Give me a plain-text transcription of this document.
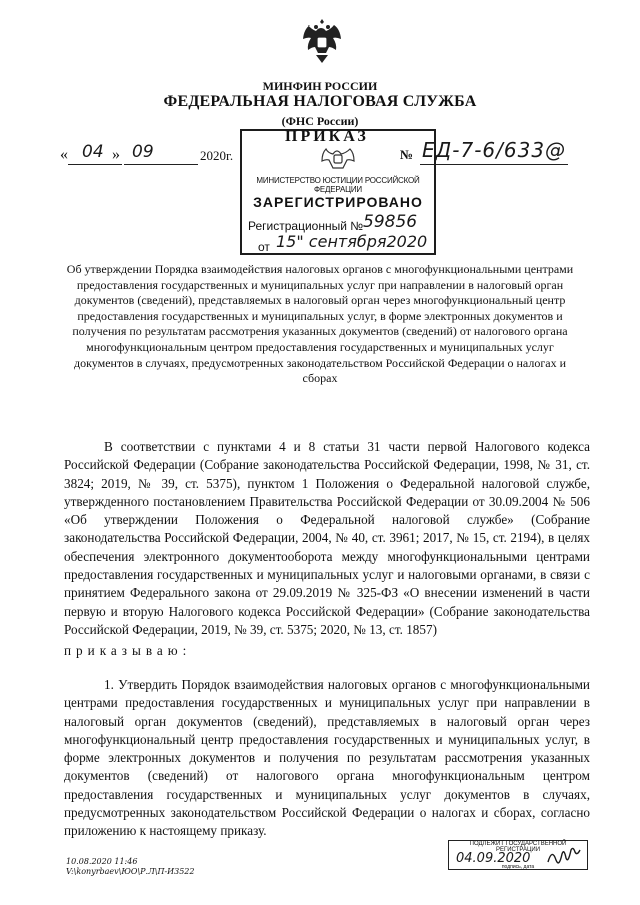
МИНФИН РОССИИ
ФЕДЕРАЛЬНАЯ НАЛОГОВАЯ СЛУЖБА
(ФНС России)
« 04 » 09	2020г.	№ ЕД-7-6/633@
ПРИКАЗ
МИНИСТЕРСТВО ЮСТИЦИИ РОССИЙСКОЙ ФЕДЕРАЦИИ
ЗАРЕГИСТРИРОВАНО
Регистрационный № 59856
от 15" сентября2020
Об утверждении Порядка взаимодействия налоговых органов с многофункциональными центрами предоставления государственных и муниципальных услуг при направлении в налоговый орган документов (сведений), представляемых в налоговый орган через многофункциональный центр предоставления государственных и муниципальных услуг, в форме электронных документов и получения по результатам рассмотрения указанных документов (сведений) от налогового органа многофункциональным центром предоставления государственных и муниципальных услуг документов в случаях, предусмотренных законодательством Российской Федерации о налогах и сборах
В соответствии с пунктами 4 и 8 статьи 31 части первой Налогового кодекса Российской Федерации (Собрание законодательства Российской Федерации, 1998, № 31, ст. 3824; 2019, № 39, ст. 5375), пунктом 1 Положения о Федеральной налоговой службе, утвержденного постановлением Правительства Российской Федерации от 30.09.2004 № 506 «Об утверждении Положения о Федеральной налоговой службе» (Собрание законодательства Российской Федерации, 2004, № 40, ст. 3961; 2017, № 15, ст. 2194), в целях обеспечения электронного документооборота между многофункциональными центрами предоставления государственных и муниципальных услуг и налоговыми органами, в связи с принятием Федерального закона от 29.09.2019 № 325-ФЗ «О внесении изменений в части первую и вторую Налогового кодекса Российской Федерации» (Собрание законодательства Российской Федерации, 2019, № 39, ст. 5375; 2020, № 13, ст. 1857)
приказываю:
1. Утвердить Порядок взаимодействия налоговых органов с многофункциональными центрами предоставления государственных и муниципальных услуг при направлении в налоговый орган документов (сведений), представляемых в налоговый орган через многофункциональный центр предоставления государственных и муниципальных услуг, в форме электронных документов и получения по результатам рассмотрения указанных документов (сведений) от налогового органа многофункциональным центром предоставления государственных и муниципальных услуг документов в случаях, предусмотренных законодательством Российской Федерации о налогах и сборах, согласно приложению к настоящему приказу.
10.08.2020 11:46
V:\konyrbaev\ЮО\Р.Л\П-И3522
ПОДЛЕЖИТ ГОСУДАРСТВЕННОЙ РЕГИСТРАЦИИ
04.09.2020
подпись, дата
